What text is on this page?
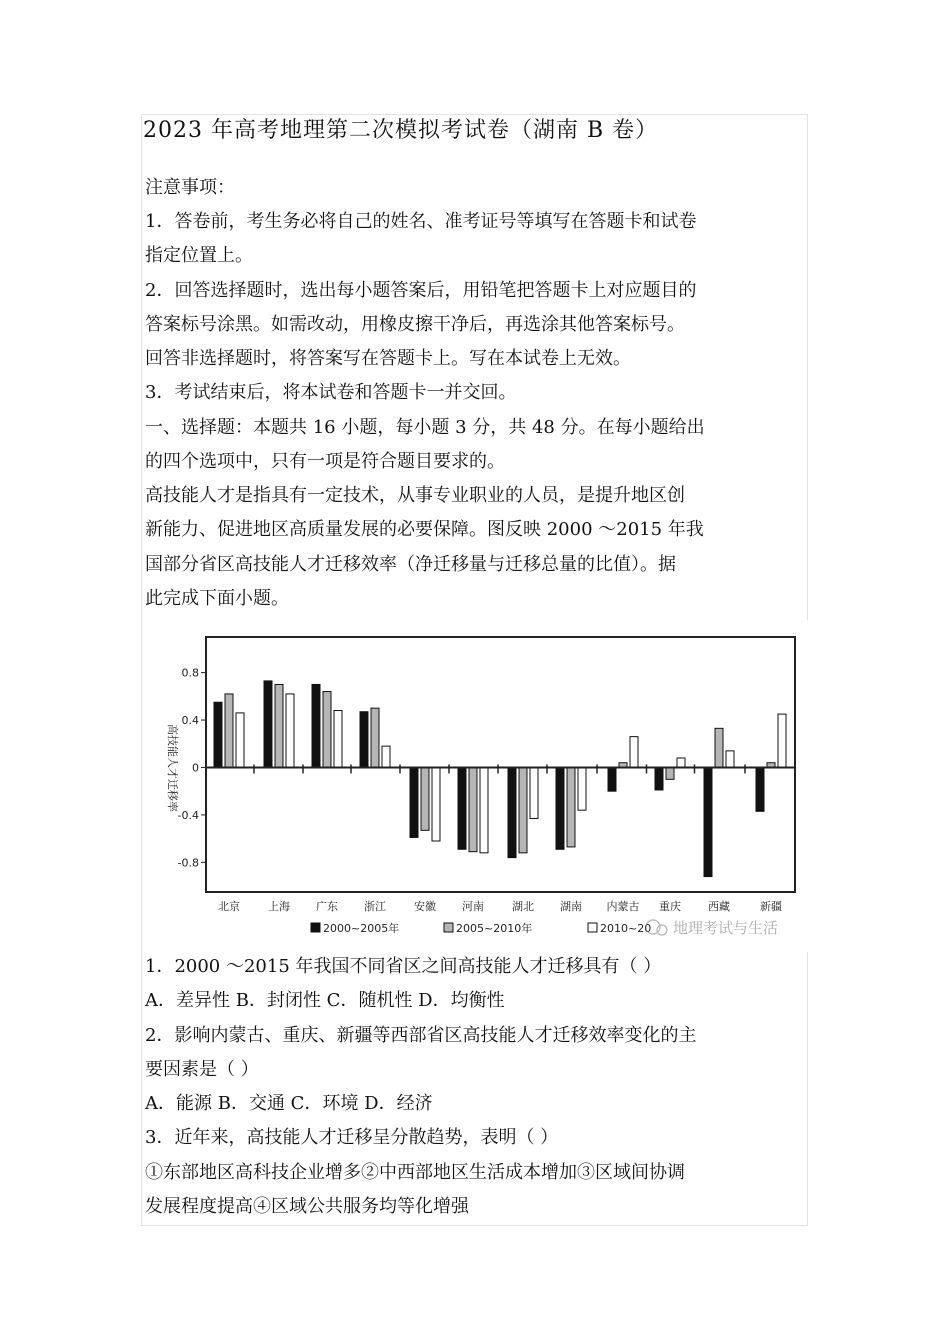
2023 年高考地理第二次模拟考试卷（湖南 B 卷）
注意事项：
1．答卷前，考生务必将自己的姓名、准考证号等填写在答题卡和试卷
指定位置上。
2．回答选择题时，选出每小题答案后，用铅笔把答题卡上对应题目的
答案标号涂黑。如需改动，用橡皮擦干净后，再选涂其他答案标号。
回答非选择题时，将答案写在答题卡上。写在本试卷上无效。
3．考试结束后，将本试卷和答题卡一并交回。
一、选择题：本题共 16 小题，每小题 3 分，共 48 分。在每小题给出
的四个选项中，只有一项是符合题目要求的。
高技能人才是指具有一定技术，从事专业职业的人员，是提升地区创
新能力、促进地区高质量发展的必要保障。图反映 2000 ～2015 年我
国部分省区高技能人才迁移效率（净迁移量与迁移总量的比值）。据
此完成下面小题。
0.8
0.4
0
-0.4
-0.8
北京	上海 广东 浙江	安徽 河南	湖北 湖南 内蒙古 重庆 西藏	新疆
2000~2005年	2005~2010年	2010~20
高技能人才迁移率
地理考试与生活
1．2000 ～2015 年我国不同省区之间高技能人才迁移具有（ ）
A．差异性 B．封闭性 C．随机性 D．均衡性
2．影响内蒙古、重庆、新疆等西部省区高技能人才迁移效率变化的主
要因素是（ ）
A．能源 B．交通 C．环境 D．经济
3．近年来，高技能人才迁移呈分散趋势，表明（ ）
①东部地区高科技企业增多②中西部地区生活成本增加③区域间协调
发展程度提高④区域公共服务均等化增强
